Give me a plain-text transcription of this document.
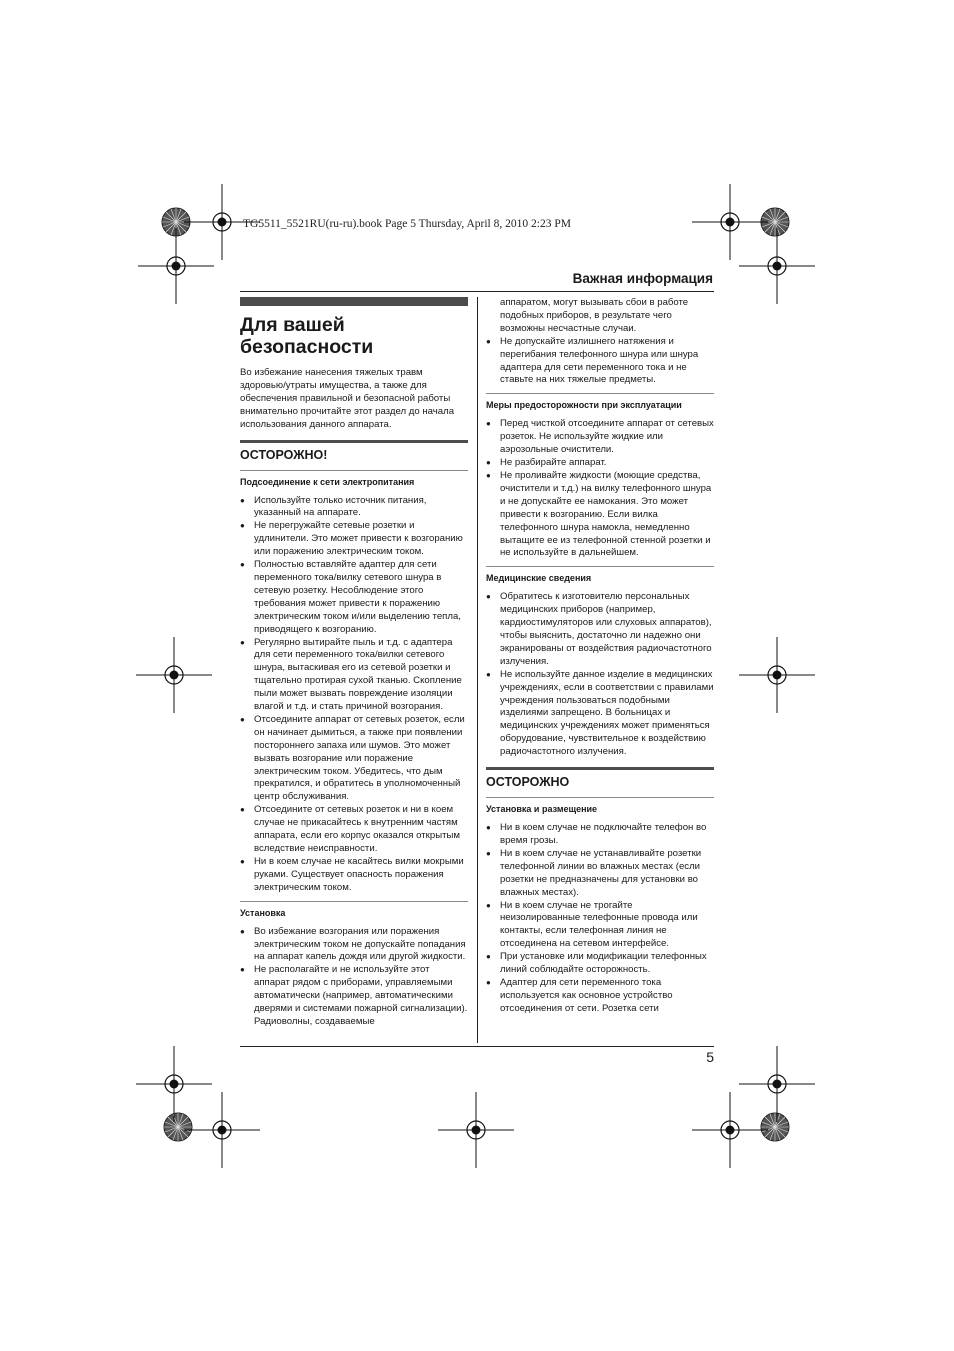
TG5511_5521RU(ru-ru).book Page 5 Thursday, April 8, 2010 2:23 PM
Важная информация
5
Для вашей безопасности

Во избежание нанесения тяжелых травм здоровью/утраты имущества, а также для обеспечения правильной и безопасной работы внимательно прочитайте этот раздел до начала использования данного аппарата.

ОСТОРОЖНО!
Подсоединение к сети электропитания
● Используйте только источник питания, указанный на аппарате.
● Не перегружайте сетевые розетки и удлинители. Это может привести к возгоранию или поражению электрическим током.
● Полностью вставляйте адаптер для сети переменного тока/вилку сетевого шнура в сетевую розетку. Несоблюдение этого требования может привести к поражению электрическим током и/или выделению тепла, приводящего к возгоранию.
● Регулярно вытирайте пыль и т.д. с адаптера для сети переменного тока/вилки сетевого шнура, вытаскивая его из сетевой розетки и тщательно протирая сухой тканью. Скопление пыли может вызвать повреждение изоляции влагой и т.д. и стать причиной возгорания.
● Отсоедините аппарат от сетевых розеток, если он начинает дымиться, а также при появлении постороннего запаха или шумов. Это может вызвать возгорание или поражение электрическим током. Убедитесь, что дым прекратился, и обратитесь в уполномоченный центр обслуживания.
● Отсоедините от сетевых розеток и ни в коем случае не прикасайтесь к внутренним частям аппарата, если его корпус оказался открытым вследствие неисправности.
● Ни в коем случае не касайтесь вилки мокрыми руками. Существует опасность поражения электрическим током.
Установка
● Во избежание возгорания или поражения электрическим током не допускайте попадания на аппарат капель дождя или другой жидкости.
● Не располагайте и не используйте этот аппарат рядом с приборами, управляемыми автоматически (например, автоматическими дверями и системами пожарной сигнализации). Радиоволны, создаваемые
аппаратом, могут вызывать сбои в работе подобных приборов, в результате чего возможны несчастные случаи.
● Не допускайте излишнего натяжения и перегибания телефонного шнура или шнура адаптера для сети переменного тока и не ставьте на них тяжелые предметы.
Меры предосторожности при эксплуатации
● Перед чисткой отсоедините аппарат от сетевых розеток. Не используйте жидкие или аэрозольные очистители.
● Не разбирайте аппарат.
● Не проливайте жидкости (моющие средства, очистители и т.д.) на вилку телефонного шнура и не допускайте ее намокания. Это может привести к возгоранию. Если вилка телефонного шнура намокла, немедленно вытащите ее из телефонной стенной розетки и не используйте в дальнейшем.
Медицинские сведения
● Обратитесь к изготовителю персональных медицинских приборов (например, кардиостимуляторов или слуховых аппаратов), чтобы выяснить, достаточно ли надежно они экранированы от воздействия радиочастотного излучения.
● Не используйте данное изделие в медицинских учреждениях, если в соответствии с правилами учреждения пользоваться подобными изделиями запрещено. В больницах и медицинских учреждениях может применяться оборудование, чувствительное к воздействию радиочастотного излучения.
ОСТОРОЖНО
Установка и размещение
● Ни в коем случае не подключайте телефон во время грозы.
● Ни в коем случае не устанавливайте розетки телефонной линии во влажных местах (если розетки не предназначены для установки во влажных местах).
● Ни в коем случае не трогайте неизолированные телефонные провода или контакты, если телефонная линия не отсоединена на сетевом интерфейсе.
● При установке или модификации телефонных линий соблюдайте осторожность.
● Адаптер для сети переменного тока используется как основное устройство отсоединения от сети. Розетка сети
